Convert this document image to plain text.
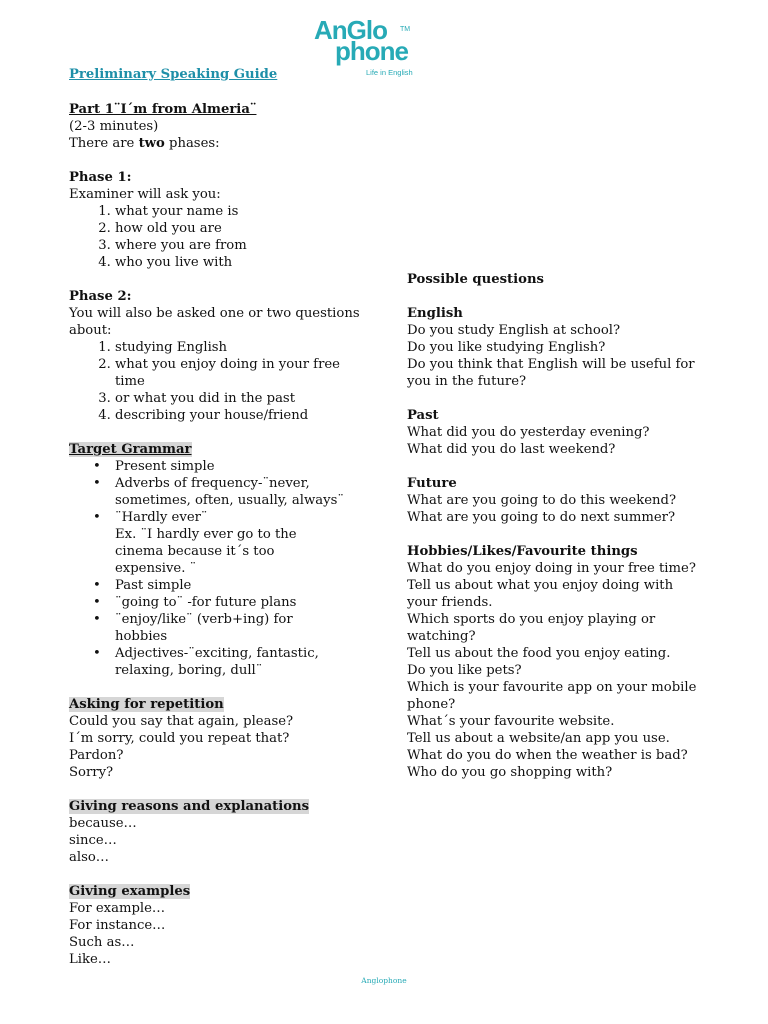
AnGlo
phone
TM
Life in English
Preliminary Speaking Guide
Part 1¨I´m from Almeria¨
(2-3 minutes)
There are two phases:
Phase 1:
Examiner will ask you:
1. what your name is
2. how old you are
3. where you are from
4. who you live with
Phase 2:
You will also be asked one or two questions about:
1. studying English
2. what you enjoy doing in your free time
3. or what you did in the past
4. describing your house/friend
Target Grammar
• Present simple
• Adverbs of frequency-¨never, sometimes, often, usually, always¨
• ¨Hardly ever¨
Ex. ¨I hardly ever go to the cinema because it´s too expensive. ¨
• Past simple
• ¨going to¨ -for future plans
• ¨enjoy/like¨ (verb+ing) for hobbies
• Adjectives-¨exciting, fantastic, relaxing, boring, dull¨
Asking for repetition
Could you say that again, please?
I´m sorry, could you repeat that?
Pardon?
Sorry?
Giving reasons and explanations
because…
since…
also…
Giving examples
For example…
For instance…
Such as…
Like…
Possible questions
English
Do you study English at school?
Do you like studying English?
Do you think that English will be useful for you in the future?
Past
What did you do yesterday evening?
What did you do last weekend?
Future
What are you going to do this weekend?
What are you going to do next summer?
Hobbies/Likes/Favourite things
What do you enjoy doing in your free time?
Tell us about what you enjoy doing with your friends.
Which sports do you enjoy playing or watching?
Tell us about the food you enjoy eating.
Do you like pets?
Which is your favourite app on your mobile phone?
What´s your favourite website.
Tell us about a website/an app you use.
What do you do when the weather is bad?
Who do you go shopping with?
Anglophone
